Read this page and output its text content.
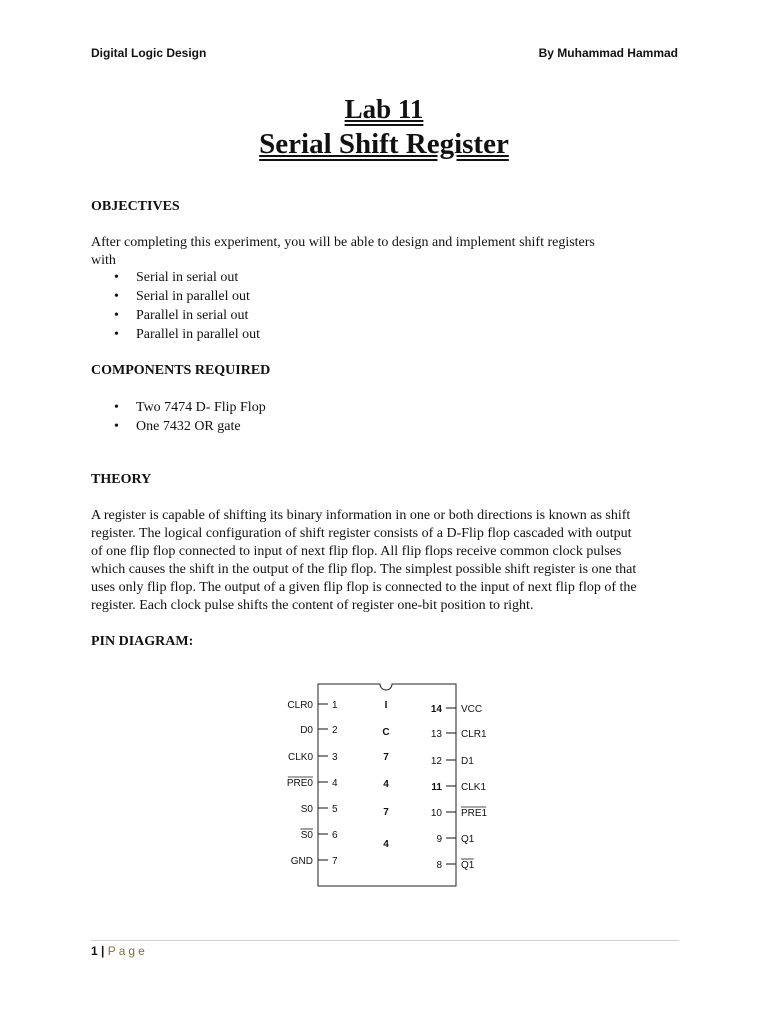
Digital Logic Design	By Muhammad Hammad
Lab 11
Serial Shift Register
OBJECTIVES
After completing this experiment, you will be able to design and implement shift registers
with
• Serial in serial out
• Serial in parallel out
• Parallel in serial out
• Parallel in parallel out
COMPONENTS REQUIRED
• Two 7474 D- Flip Flop
• One 7432 OR gate
THEORY
A register is capable of shifting its binary information in one or both directions is known as shift
register. The logical configuration of shift register consists of a D-Flip flop cascaded with output
of one flip flop connected to input of next flip flop. All flip flops receive common clock pulses
which causes the shift in the output of the flip flop. The simplest possible shift register is one that
uses only flip flop. The output of a given flip flop is connected to the input of next flip flop of the
register. Each clock pulse shifts the content of register one-bit position to right.
PIN DIAGRAM:
I
C
7
4
7
4
CLR0 1
D0 2
CLK0 3
PRE0 4
S0 5
S0 6
GND 7
14 VCC
13 CLR1
12 D1
11 CLK1
10 PRE1
9 Q1
8 Q1
1 | Page
